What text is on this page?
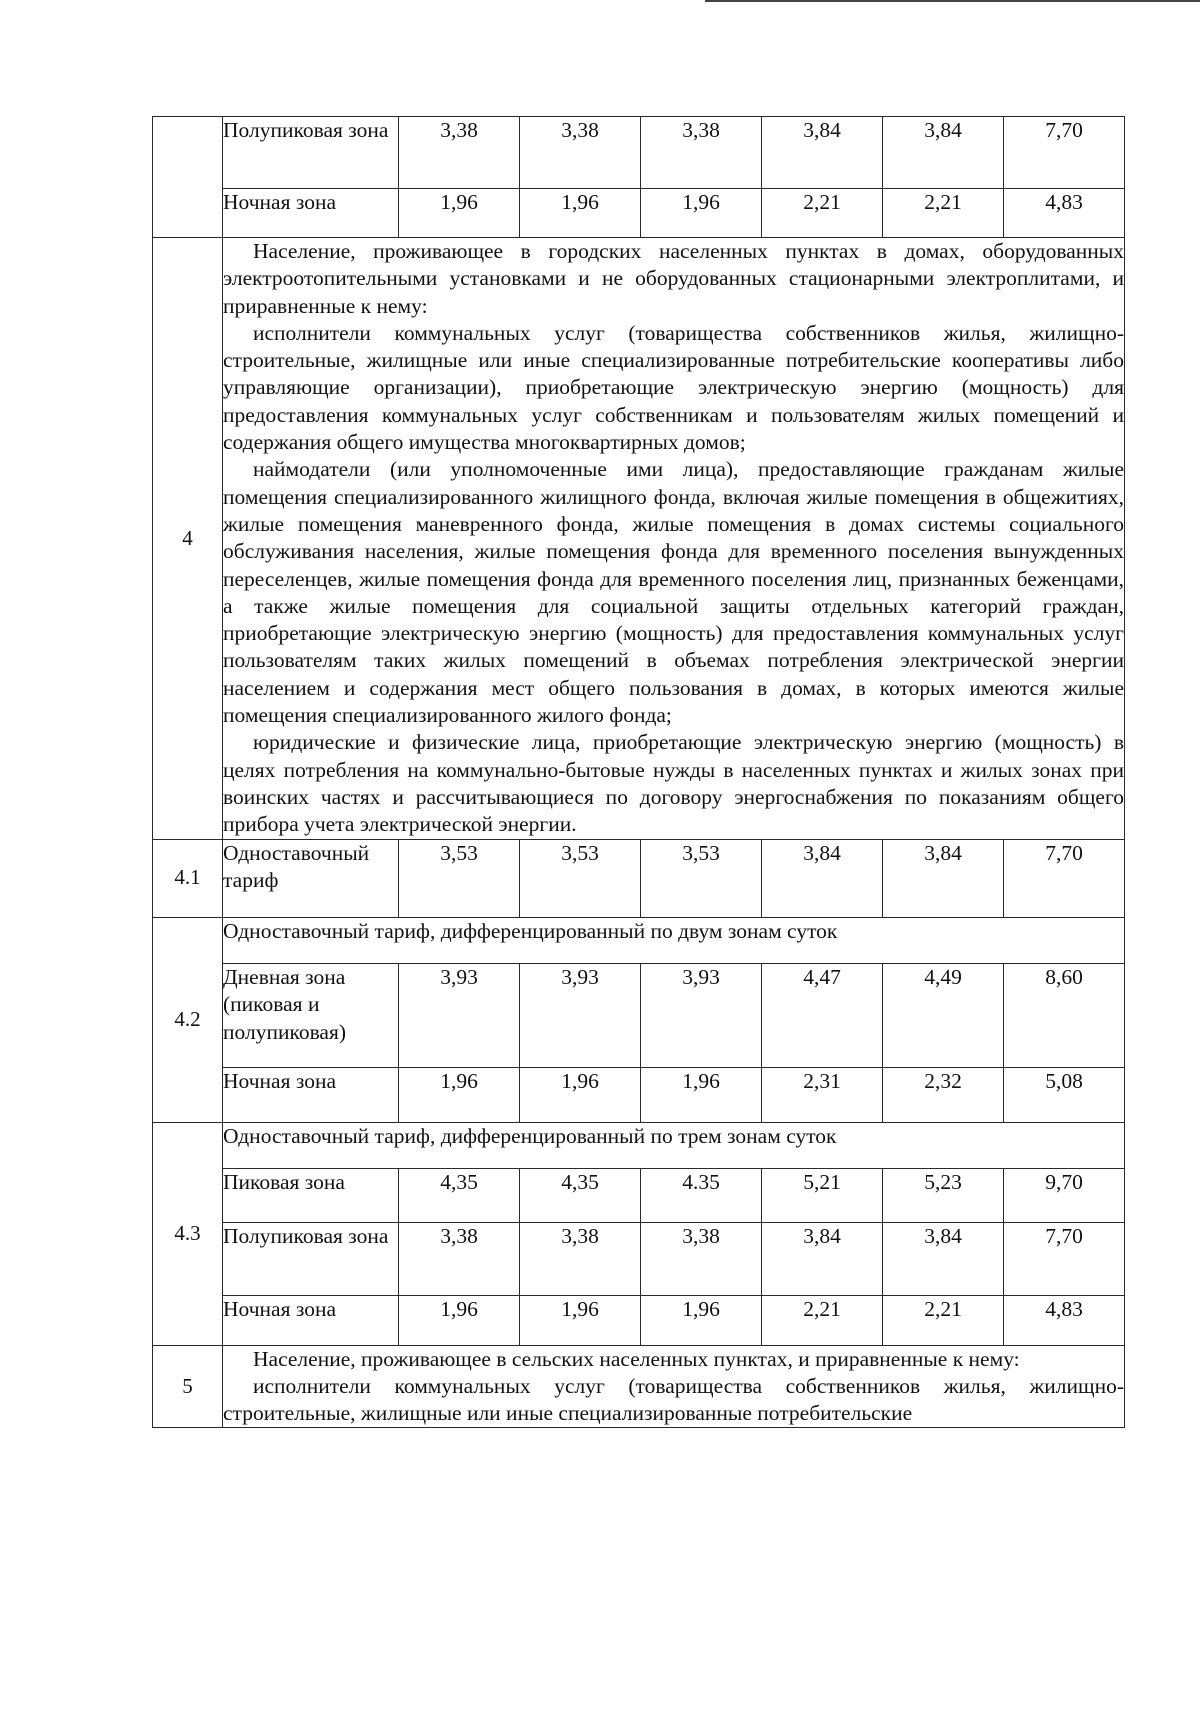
	Полупиковая зона	3,38	3,38	3,38	3,84	3,84	7,70
	Ночная зона	1,96	1,96	1,96	2,21	2,21	4,83
4	Население, проживающее в городских населенных пунктах в домах, оборудованных электроотопительными установками и не оборудованных стационарными электроплитами, и приравненные к нему:

исполнители коммунальных услуг (товарищества собственников жилья, жилищно-строительные, жилищные или иные специализированные потребительские кооперативы либо управляющие организации), приобретающие электрическую энергию (мощность) для предоставления коммунальных услуг собственникам и пользователям жилых помещений и содержания общего имущества многоквартирных домов;

наймодатели (или уполномоченные ими лица), предоставляющие гражданам жилые помещения специализированного жилищного фонда, включая жилые помещения в общежитиях, жилые помещения маневренного фонда, жилые помещения в домах системы социального обслуживания населения, жилые помещения фонда для временного поселения вынужденных переселенцев, жилые помещения фонда для временного поселения лиц, признанных беженцами, а также жилые помещения для социальной защиты отдельных категорий граждан, приобретающие электрическую энергию (мощность) для предоставления коммунальных услуг пользователям таких жилых помещений в объемах потребления электрической энергии населением и содержания мест общего пользования в домах, в которых имеются жилые помещения специализированного жилого фонда;

юридические и физические лица, приобретающие электрическую энергию (мощность) в целях потребления на коммунально-бытовые нужды в населенных пунктах и жилых зонах при воинских частях и рассчитывающиеся по договору энергоснабжения по показаниям общего прибора учета электрической энергии.						

4.1	Одноставочный тариф	3,53	3,53	3,53	3,84	3,84	7,70
4.2	Одноставочный тариф, дифференцированный по двум зонам суток						
	Дневная зона (пиковая и полупиковая)	3,93	3,93	3,93	4,47	4,49	8,60
	Ночная зона	1,96	1,96	1,96	2,31	2,32	5,08
4.3	Одноставочный тариф, дифференцированный по трем зонам суток						
	Пиковая зона	4,35	4,35	4.35	5,21	5,23	9,70
	Полупиковая зона	3,38	3,38	3,38	3,84	3,84	7,70
	Ночная зона	1,96	1,96	1,96	2,21	2,21	4,83
5	Население, проживающее в сельских населенных пунктах, и приравненные к нему:

исполнители коммунальных услуг (товарищества собственников жилья, жилищно-строительные, жилищные или иные специализированные потребительские						
